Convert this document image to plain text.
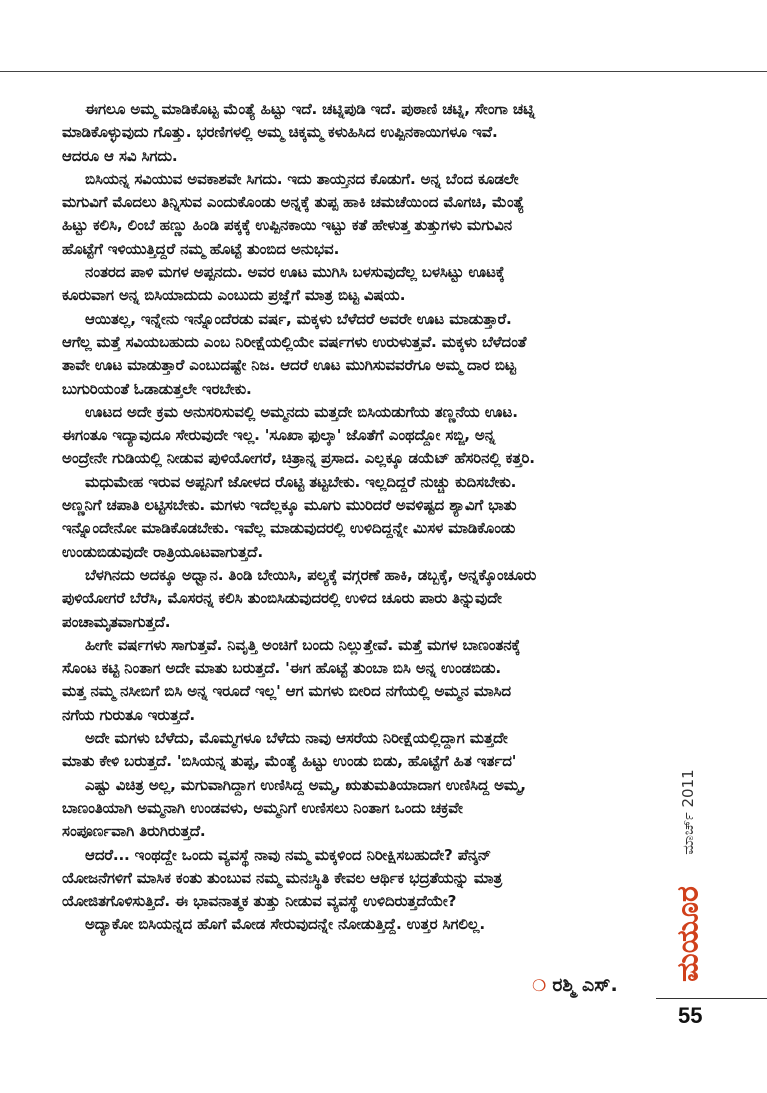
ಈಗಲೂ ಅಮ್ಮ ಮಾಡಿಕೊಟ್ಟ ಮೆಂತ್ಯೆ ಹಿಟ್ಟು ಇದೆ. ಚಟ್ನಿಪುಡಿ ಇದೆ. ಪುಠಾಣಿ ಚಟ್ನಿ, ಸೇಂಗಾ ಚಟ್ನಿ
ಮಾಡಿಕೊಳ್ಳುವುದು ಗೊತ್ತು. ಭರಣಿಗಳಲ್ಲಿ ಅಮ್ಮ ಚಿಕ್ಕಮ್ಮ ಕಳುಹಿಸಿದ ಉಪ್ಪಿನಕಾಯಿಗಳೂ ಇವೆ.
ಆದರೂ ಆ ಸವಿ ಸಿಗದು.
ಬಿಸಿಯನ್ನ ಸವಿಯುವ ಅವಕಾಶವೇ ಸಿಗದು. ಇದು ತಾಯ್ತನದ ಕೊಡುಗೆ. ಅನ್ನ ಬೆಂದ ಕೂಡಲೇ
ಮಗುವಿಗೆ ಮೊದಲು ತಿನ್ನಿಸುವ ಎಂದುಕೊಂಡು ಅನ್ನಕ್ಕೆ ತುಪ್ಪ ಹಾಕಿ ಚಮಚೆಯಿಂದ ಮೊಗಚಿ, ಮೆಂತ್ಯೆ
ಹಿಟ್ಟು ಕಲಿಸಿ, ಲಿಂಬೆ ಹಣ್ಣು ಹಿಂಡಿ ಪಕ್ಕಕ್ಕೆ ಉಪ್ಪಿನಕಾಯಿ ಇಟ್ಟು ಕತೆ ಹೇಳುತ್ತ ತುತ್ತುಗಳು ಮಗುವಿನ
ಹೊಟ್ಟೆಗೆ ಇಳಿಯುತ್ತಿದ್ದರೆ ನಮ್ಮ ಹೊಟ್ಟೆ ತುಂಬಿದ ಅನುಭವ.
ನಂತರದ ಪಾಳಿ ಮಗಳ ಅಪ್ಪನದು. ಅವರ ಊಟ ಮುಗಿಸಿ ಬಳಸುವುದೆಲ್ಲ ಬಳಸಿಟ್ಟು ಊಟಕ್ಕೆ
ಕೂರುವಾಗ ಅನ್ನ ಬಿಸಿಯಾದುದು ಎಂಬುದು ಪ್ರಜ್ಞೆಗೆ ಮಾತ್ರ ಬಿಟ್ಟ ವಿಷಯ.
ಆಯಿತಲ್ಲ, ಇನ್ನೇನು ಇನ್ನೊಂದೆರಡು ವರ್ಷ, ಮಕ್ಕಳು ಬೆಳೆದರೆ ಅವರೇ ಊಟ ಮಾಡುತ್ತಾರೆ.
ಆಗೆಲ್ಲ ಮತ್ತೆ ಸವಿಯಬಹುದು ಎಂಬ ನಿರೀಕ್ಷೆಯಲ್ಲಿಯೇ ವರ್ಷಗಳು ಉರುಳುತ್ತವೆ. ಮಕ್ಕಳು ಬೆಳೆದಂತೆ
ತಾವೇ ಊಟ ಮಾಡುತ್ತಾರೆ ಎಂಬುದಷ್ಟೇ ನಿಜ. ಆದರೆ ಊಟ ಮುಗಿಸುವವರೆಗೂ ಅಮ್ಮ ದಾರ ಬಿಟ್ಟ
ಬುಗುರಿಯಂತೆ ಓಡಾಡುತ್ತಲೇ ಇರಬೇಕು.
ಊಟದ ಅದೇ ಕ್ರಮ ಅನುಸರಿಸುವಲ್ಲಿ ಅಮ್ಮನದು ಮತ್ತದೇ ಬಿಸಿಯಡುಗೆಯ ತಣ್ಣನೆಯ ಊಟ.
ಈಗಂತೂ ಇದ್ಯಾವುದೂ ಸೇರುವುದೇ ಇಲ್ಲ. 'ಸೂಖಾ ಫುಲ್ಕಾ' ಜೊತೆಗೆ ಎಂಥದ್ದೋ ಸಬ್ಜಿ, ಅನ್ನ
ಅಂದ್ರೇನೇ ಗುಡಿಯಲ್ಲಿ ನೀಡುವ ಪುಳಿಯೋಗರೆ, ಚಿತ್ರಾನ್ನ ಪ್ರಸಾದ. ಎಲ್ಲಕ್ಕೂ ಡಯೆಟ್ ಹೆಸರಿನಲ್ಲಿ ಕತ್ತರಿ.
ಮಧುಮೇಹ ಇರುವ ಅಪ್ಪನಿಗೆ ಜೋಳದ ರೊಟ್ಟಿ ತಟ್ಟಬೇಕು. ಇಲ್ಲದಿದ್ದರೆ ನುಚ್ಚು ಕುದಿಸಬೇಕು.
ಅಣ್ಣನಿಗೆ ಚಪಾತಿ ಲಟ್ಟಿಸಬೇಕು. ಮಗಳು ಇದೆಲ್ಲಕ್ಕೂ ಮೂಗು ಮುರಿದರೆ ಅವಳಿಷ್ಟದ ಶ್ಯಾವಿಗೆ ಭಾತು
ಇನ್ನೊಂದೇನೋ ಮಾಡಿಕೊಡಬೇಕು. ಇವೆಲ್ಲ ಮಾಡುವುದರಲ್ಲಿ ಉಳಿದಿದ್ದನ್ನೇ ಮಿಸಳ ಮಾಡಿಕೊಂಡು
ಉಂಡುಬಿಡುವುದೇ ರಾತ್ರಿಯೂಟವಾಗುತ್ತದೆ.
ಬೆಳಗಿನದು ಅದಕ್ಕೂ ಅಧ್ವಾನ. ತಿಂಡಿ ಬೇಯಿಸಿ, ಪಲ್ಯಕ್ಕೆ ವಗ್ಗರಣೆ ಹಾಕಿ, ಡಬ್ಬಕ್ಕೆ, ಅನ್ನಕ್ಕೊಂಚೂರು
ಪುಳಿಯೋಗರೆ ಬೆರೆಸಿ, ಮೊಸರನ್ನ ಕಲಿಸಿ ತುಂಬಿಸಿಡುವುದರಲ್ಲಿ ಉಳಿದ ಚೂರು ಪಾರು ತಿನ್ನುವುದೇ
ಪಂಚಾಮೃತವಾಗುತ್ತದೆ.
ಹೀಗೇ ವರ್ಷಗಳು ಸಾಗುತ್ತವೆ. ನಿವೃತ್ತಿ ಅಂಚಿಗೆ ಬಂದು ನಿಲ್ಲುತ್ತೇವೆ. ಮತ್ತೆ ಮಗಳ ಬಾಣಂತನಕ್ಕೆ
ಸೊಂಟ ಕಟ್ಟಿ ನಿಂತಾಗ ಅದೇ ಮಾತು ಬರುತ್ತದೆ. 'ಈಗ ಹೊಟ್ಟೆ ತುಂಬಾ ಬಿಸಿ ಅನ್ನ ಉಂಡಬಿಡು.
ಮತ್ತ ನಮ್ಮ ನಸೀಬಿಗೆ ಬಿಸಿ ಅನ್ನ ಇರೂದೆ ಇಲ್ಲ' ಆಗ ಮಗಳು ಬೀರಿದ ನಗೆಯಲ್ಲಿ ಅಮ್ಮನ ಮಾಸಿದ
ನಗೆಯ ಗುರುತೂ ಇರುತ್ತದೆ.
ಅದೇ ಮಗಳು ಬೆಳೆದು, ಮೊಮ್ಮಗಳೂ ಬೆಳೆದು ನಾವು ಆಸರೆಯ ನಿರೀಕ್ಷೆಯಲ್ಲಿದ್ದಾಗ ಮತ್ತದೇ
ಮಾತು ಕೇಳಿ ಬರುತ್ತದೆ. 'ಬಿಸಿಯನ್ನ ತುಪ್ಪ, ಮೆಂತ್ಯೆ ಹಿಟ್ಟು ಉಂಡು ಬಿಡು, ಹೊಟ್ಟೆಗೆ ಹಿತ ಇರ್ತದ'
ಎಷ್ಟು ವಿಚಿತ್ರ ಅಲ್ಲ, ಮಗುವಾಗಿದ್ದಾಗ ಉಣಿಸಿದ್ದ ಅಮ್ಮ, ಋತುಮತಿಯಾದಾಗ ಉಣಿಸಿದ್ದ ಅಮ್ಮ,
ಬಾಣಂತಿಯಾಗಿ ಅಮ್ಮನಾಗಿ ಉಂಡವಳು, ಅಮ್ಮನಿಗೆ ಉಣಿಸಲು ನಿಂತಾಗ ಒಂದು ಚಕ್ರವೇ
ಸಂಪೂರ್ಣವಾಗಿ ತಿರುಗಿರುತ್ತದೆ.
ಆದರೆ... ಇಂಥದ್ದೇ ಒಂದು ವ್ಯವಸ್ಥೆ ನಾವು ನಮ್ಮ ಮಕ್ಕಳಿಂದ ನಿರೀಕ್ಷಿಸಬಹುದೇ? ಪೆನ್ಶನ್
ಯೋಜನೆಗಳಿಗೆ ಮಾಸಿಕ ಕಂತು ತುಂಬುವ ನಮ್ಮ ಮನಃಸ್ಥಿತಿ ಕೇವಲ ಆರ್ಥಿಕ ಭದ್ರತೆಯನ್ನು ಮಾತ್ರ
ಯೋಜಿತಗೊಳಿಸುತ್ತಿದೆ. ಈ ಭಾವನಾತ್ಮಕ ತುತ್ತು ನೀಡುವ ವ್ಯವಸ್ಥೆ ಉಳಿದಿರುತ್ತದೆಯೇ?
ಅದ್ಯಾಕೋ ಬಿಸಿಯನ್ನದ ಹೊಗೆ ಮೋಡ ಸೇರುವುದನ್ನೇ ನೋಡುತ್ತಿದ್ದೆ. ಉತ್ತರ ಸಿಗಲಿಲ್ಲ.
❍ ರಶ್ಮಿ ಎಸ್.
ಮಾರ್ಚ್ 2011
ಮಯೂರ
55
